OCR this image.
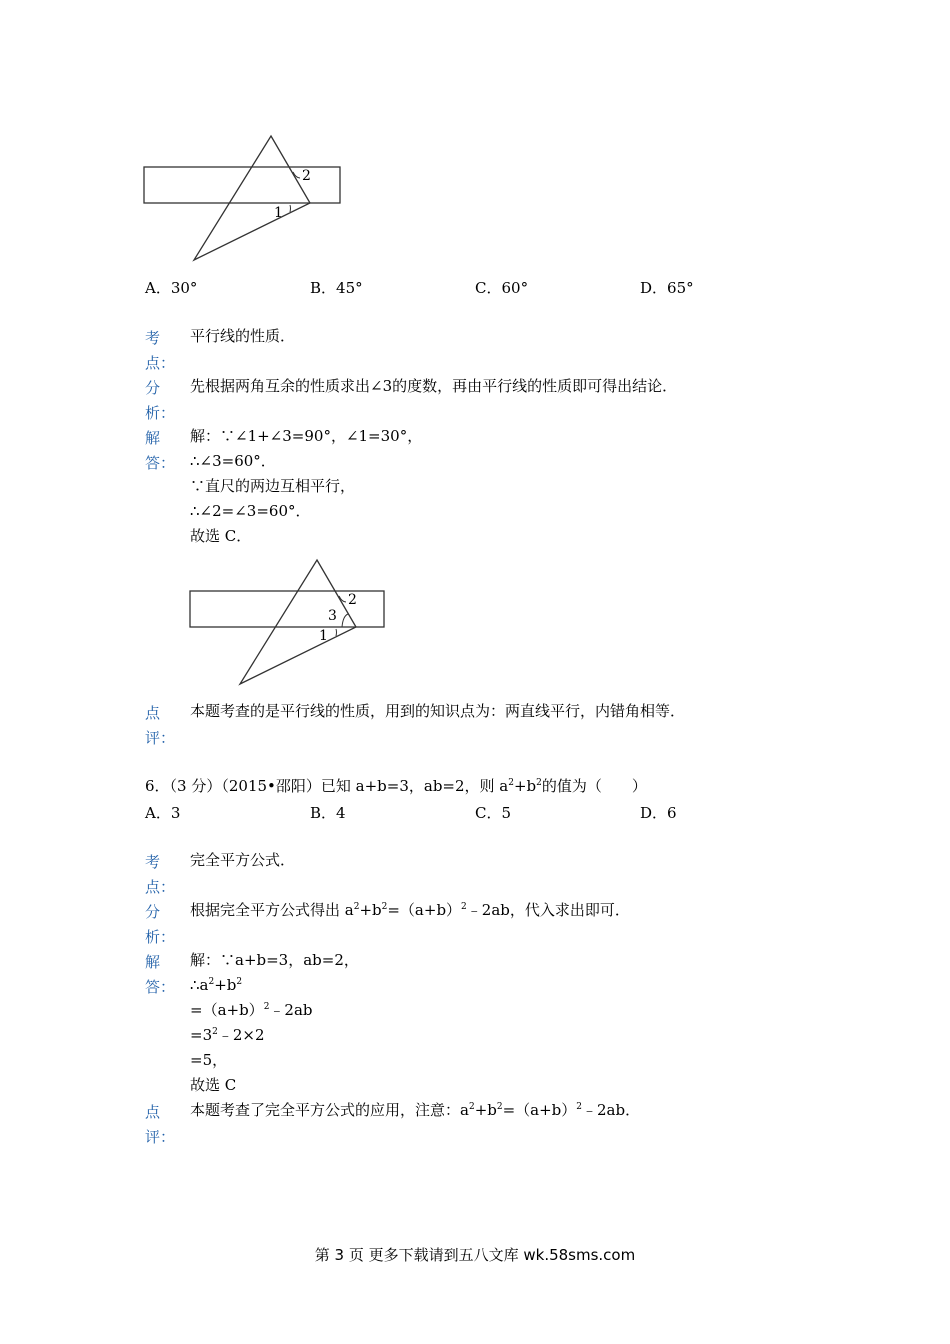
2
1
A．30°	B．45°	C．60°	D．65°
考
点：
平行线的性质．
分
析：
先根据两角互余的性质求出∠3的度数，再由平行线的性质即可得出结论．
解
答：
解：∵∠1+∠3=90°，∠1=30°，
∴∠3=60°．
∵直尺的两边互相平行，
∴∠2=∠3=60°．
故选 C．
2
3
1
点
评：
本题考查的是平行线的性质，用到的知识点为：两直线平行，内错角相等．
6．（3 分）（2015•邵阳）已知 a+b=3，ab=2，则 $a^2+b^2$的值为（　　）
A．3	B．4	C．5	D．6
考
点：
完全平方公式．
分
析：
根据完全平方公式得出 $a^2+b^2=(a+b)^2﹣2ab$，代入求出即可．
解
答：
解：∵a+b=3，ab=2，
$\therefore a^2+b^2$
$=(a+b)^2﹣2ab$
$=3^2﹣2\times 2$
=5，
故选 C
点
评：
本题考查了完全平方公式的应用，注意：$a^2+b^2=(a+b)^2﹣2ab$．
第 3 页 更多下载请到五八文库 wk.58sms.com
